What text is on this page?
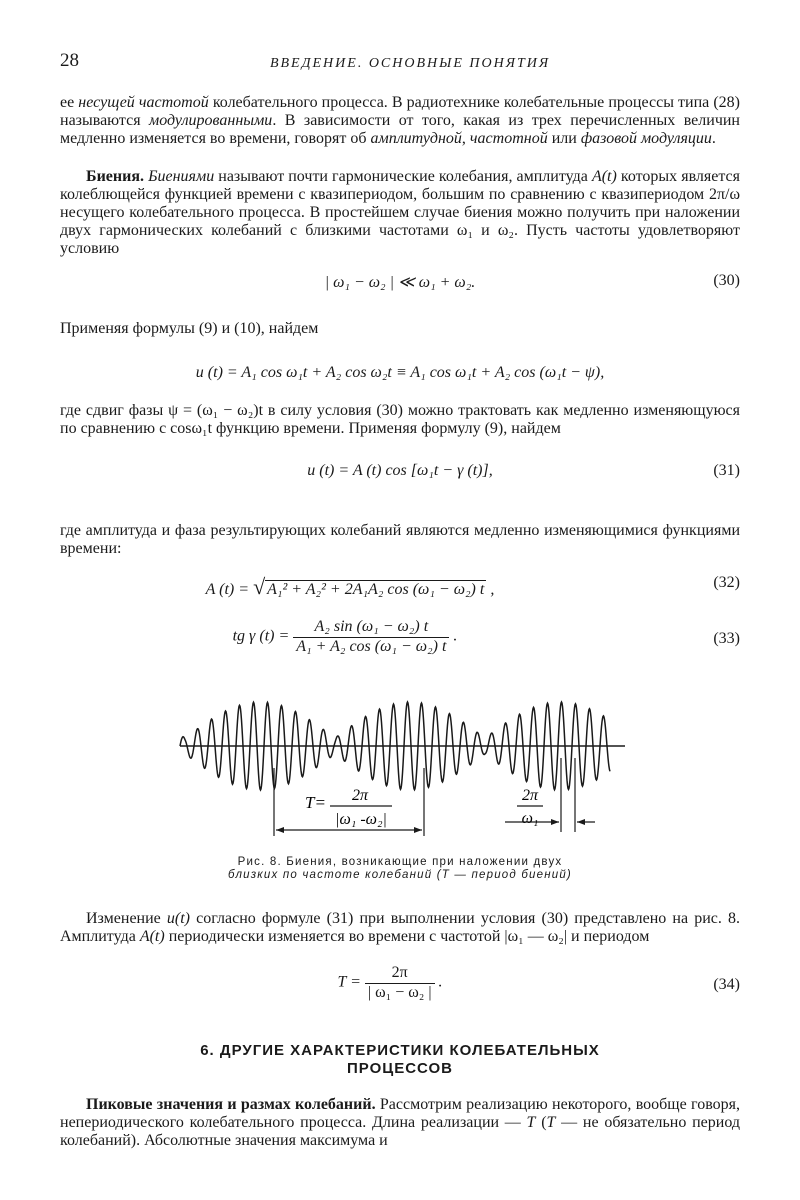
28	ВВЕДЕНИЕ. ОСНОВНЫЕ ПОНЯТИЯ
ее несущей частотой колебательного процесса. В радиотехнике колебательные процессы типа (28) называются модулированными. В зависимости от того, какая из трех перечисленных величин медленно изменяется во времени, говорят об амплитудной, частотной или фазовой модуляции.
Биения. Биениями называют почти гармонические колебания, амплитуда A(t) которых является колеблющейся функцией времени с квазипериодом, большим по сравнению с квазипериодом 2π/ω несущего колебательного процесса. В простейшем случае биения можно получить при наложении двух гармонических колебаний с близкими частотами ω₁ и ω₂. Пусть частоты удовлетворяют условию
| ω₁ − ω₂ | ≪ ω₁ + ω₂.	(30)
Применяя формулы (9) и (10), найдем
u (t) = A₁ cos ω₁t + A₂ cos ω₂t ≡ A₁ cos ω₁t + A₂ cos (ω₁t − ψ),
где сдвиг фазы ψ = (ω₁ − ω₂)t в силу условия (30) можно трактовать как медленно изменяющуюся по сравнению с cosω₁t функцию времени. Применяя формулу (9), найдем
u (t) = A (t) cos [ω₁t − γ (t)],	(31)
где амплитуда и фаза результирующих колебаний являются медленно изменяющимися функциями времени:
A (t) = √ A₁² + A₂² + 2A₁A₂ cos (ω₁ − ω₂) t ,	(32)
tg γ $(t) = \frac{\text{A₂ sin (ω₁ − ω₂) t}}{\text{A₁ + A₂ cos (ω₁ − ω₂) t}}$ .	(33)
T= 2π
|ω₁ -ω₂|
2π
ω₁
Рис. 8. Биения, возникающие при наложении двух
близких по частоте колебаний (T — период биений)
Изменение u(t) согласно формуле (31) при выполнении условия (30) представлено на рис. 8. Амплитуда A(t) периодически изменяется во времени с частотой |ω₁ — ω₂| и периодом
$T = \frac{2\pi}{\text{| ω₁ − ω₂ |}}$ .	(34)
6. ДРУГИЕ ХАРАКТЕРИСТИКИ КОЛЕБАТЕЛЬНЫХ
ПРОЦЕССОВ
Пиковые значения и размах колебаний. Рассмотрим реализацию некоторого, вообще говоря, непериодического колебательного процесса. Длина реализации — T (T — не обязательно период колебаний). Абсолютные значения максимума и
